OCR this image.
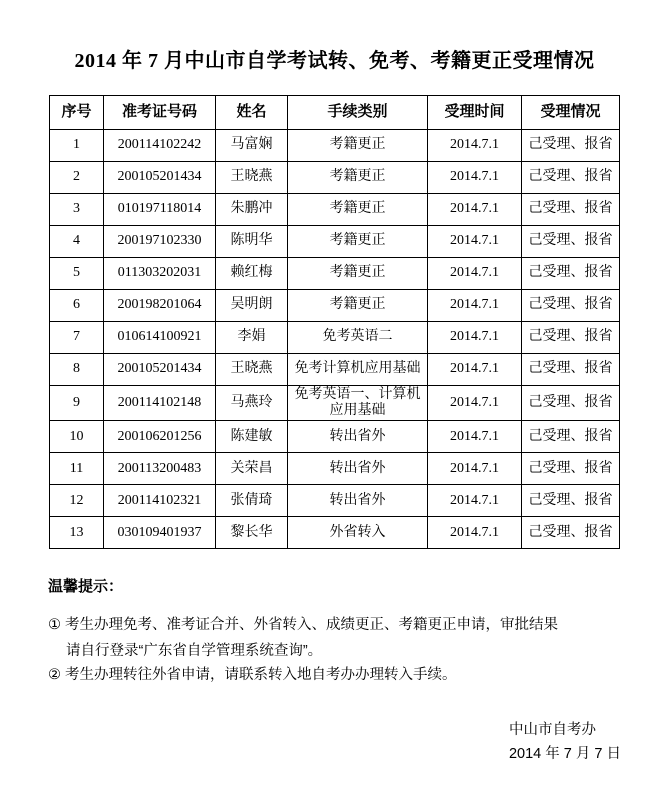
2014 年 7 月中山市自学考试转、免考、考籍更正受理情况
序号	准考证号码	姓名	手续类别	受理时间	受理情况
1	200114102242	马富娴	考籍更正	2014.7.1	己受理、报省
2	200105201434	王晓燕	考籍更正	2014.7.1	己受理、报省
3	010197118014	朱鹏冲	考籍更正	2014.7.1	己受理、报省
4	200197102330	陈明华	考籍更正	2014.7.1	己受理、报省
5	011303202031	赖红梅	考籍更正	2014.7.1	己受理、报省
6	200198201064	吴明朗	考籍更正	2014.7.1	己受理、报省
7	010614100921	李娟	免考英语二	2014.7.1	己受理、报省
8	200105201434	王晓燕	免考计算机应用基础	2014.7.1	己受理、报省
9	200114102148	马燕玲	免考英语一、计算机 应用基础	2014.7.1	己受理、报省
10	200106201256	陈建敏	转出省外	2014.7.1	己受理、报省
11	200113200483	关荣昌	转出省外	2014.7.1	己受理、报省
12	200114102321	张倩琦	转出省外	2014.7.1	己受理、报省
13	030109401937	黎长华	外省转入	2014.7.1	己受理、报省
温馨提示：
① 考生办理免考、准考证合并、外省转入、成绩更正、考籍更正申请，审批结果
请自行登录“广东省自学管理系统查询”。
② 考生办理转往外省申请，请联系转入地自考办办理转入手续。
中山市自考办
2014 年 7 月 7 日
